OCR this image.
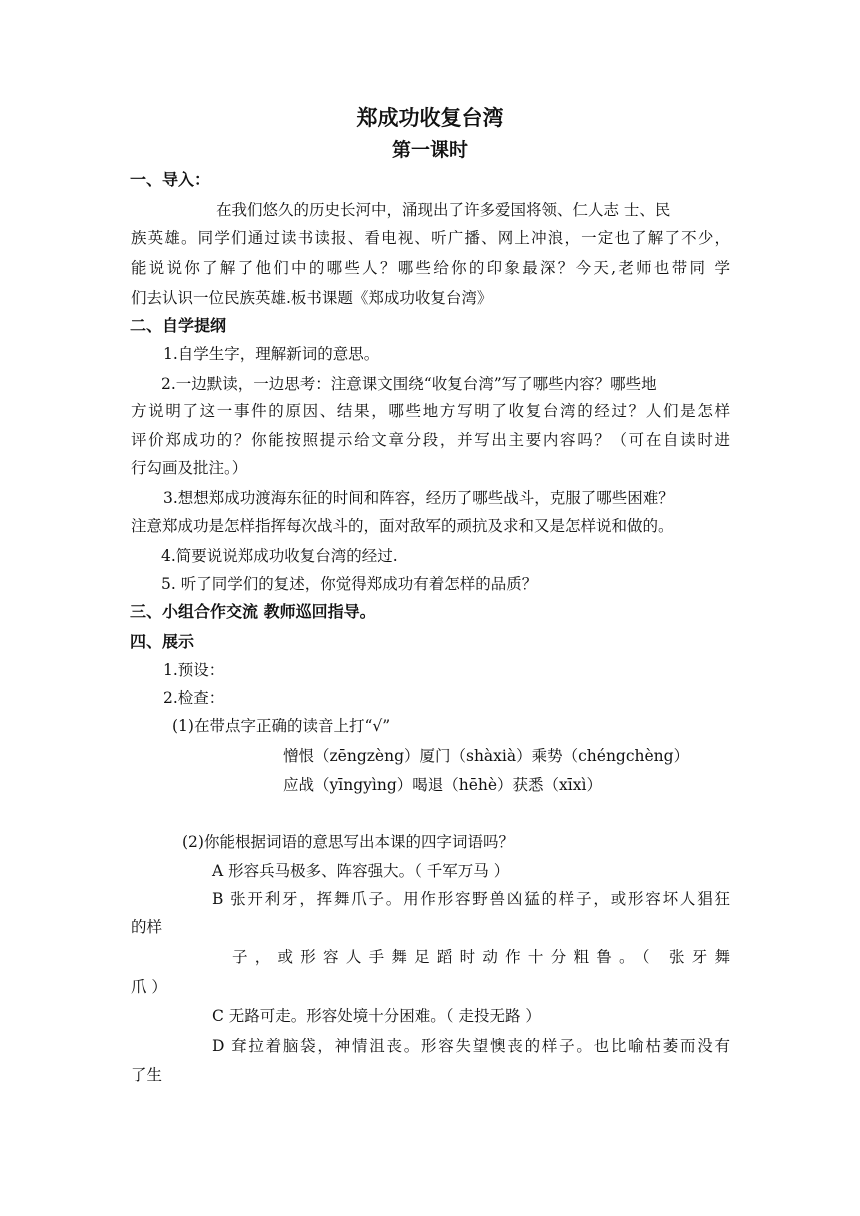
郑成功收复台湾
第一课时
一、导入：
在我们悠久的历史长河中，涌现出了许多爱国将领、仁人志 士、民
族英雄。同学们通过读书读报、看电视、听广播、网上冲浪，一定也了解了不少，
能说说你了解了他们中的哪些人？哪些给你的印象最深？今天,老师也带同 学
们去认识一位民族英雄.板书课题《郑成功收复台湾》
二、自学提纲
1.自学生字，理解新词的意思。
2.一边默读，一边思考：注意课文围绕“收复台湾”写了哪些内容？哪些地
方说明了这一事件的原因、结果，哪些地方写明了收复台湾的经过？人们是怎样
评价郑成功的？你能按照提示给文章分段，并写出主要内容吗？（可在自读时进
行勾画及批注。）
3.想想郑成功渡海东征的时间和阵容，经历了哪些战斗，克服了哪些困难？
注意郑成功是怎样指挥每次战斗的，面对敌军的顽抗及求和又是怎样说和做的。
4.简要说说郑成功收复台湾的经过.
5. 听了同学们的复述，你觉得郑成功有着怎样的品质？
三、小组合作交流 教师巡回指导。
四、展示
1.预设：
2.检查：
(1)在带点字正确的读音上打“√”
憎恨（zēngzèng）厦门（shàxià）乘势（chéngchèng）
应战（yīngyìng）喝退（hēhè）获悉（xīxì）
(2)你能根据词语的意思写出本课的四字词语吗？
A 形容兵马极多、阵容强大。（ 千军万马 ）
B 张开利牙，挥舞爪子。用作形容野兽凶猛的样子，或形容坏人猖狂
的样
子，或形容人手舞足蹈时动作十分粗鲁。（ 张牙舞
爪 ）
C 无路可走。形容处境十分困难。（ 走投无路 ）
D 耷拉着脑袋，神情沮丧。形容失望懊丧的样子。也比喻枯萎而没有
了生
